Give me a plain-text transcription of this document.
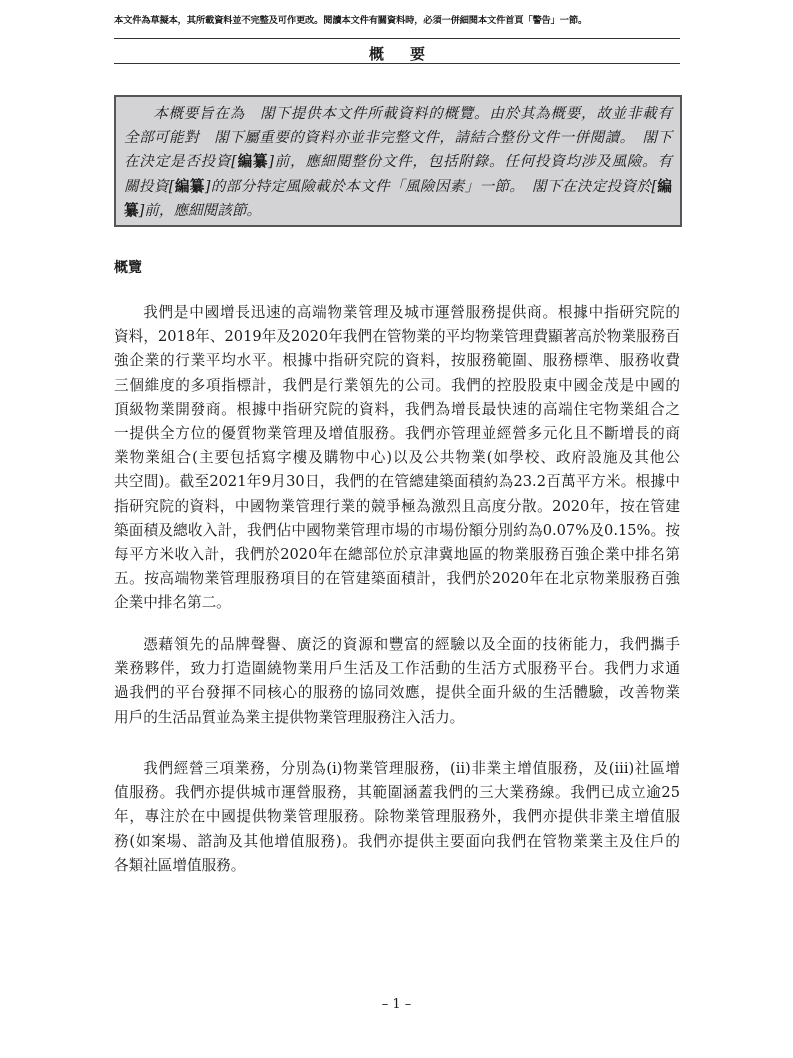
本文件為草擬本，其所載資料並不完整及可作更改。閱讀本文件有關資料時，必須一併細閱本文件首頁「警告」一節。
概 要
本概要旨在為　閣下提供本文件所載資料的概覽。由於其為概要，故並非載有
全部可能對　閣下屬重要的資料亦並非完整文件，請結合整份文件一併閱讀。　閣下
在決定是否投資[編纂]前，應細閱整份文件，包括附錄。任何投資均涉及風險。有
關投資[編纂]的部分特定風險載於本文件「風險因素」一節。　閣下在決定投資於[編
纂]前，應細閱該節。
概覽
我們是中國增長迅速的高端物業管理及城市運營服務提供商。根據中指研究院的
資料，2018年、2019年及2020年我們在管物業的平均物業管理費顯著高於物業服務百
強企業的行業平均水平。根據中指研究院的資料，按服務範圍、服務標準、服務收費
三個維度的多項指標計，我們是行業領先的公司。我們的控股股東中國金茂是中國的
頂級物業開發商。根據中指研究院的資料，我們為增長最快速的高端住宅物業組合之
一提供全方位的優質物業管理及增值服務。我們亦管理並經營多元化且不斷增長的商
業物業組合(主要包括寫字樓及購物中心)以及公共物業(如學校、政府設施及其他公
共空間)。截至2021年9月30日，我們的在管總建築面積約為23.2百萬平方米。根據中
指研究院的資料，中國物業管理行業的競爭極為激烈且高度分散。2020年，按在管建
築面積及總收入計，我們佔中國物業管理市場的市場份額分別約為0.07%及0.15%。按
每平方米收入計，我們於2020年在總部位於京津冀地區的物業服務百強企業中排名第
五。按高端物業管理服務項目的在管建築面積計，我們於2020年在北京物業服務百強
企業中排名第二。
憑藉領先的品牌聲譽、廣泛的資源和豐富的經驗以及全面的技術能力，我們攜手
業務夥伴，致力打造圍繞物業用戶生活及工作活動的生活方式服務平台。我們力求通
過我們的平台發揮不同核心的服務的協同效應，提供全面升級的生活體驗，改善物業
用戶的生活品質並為業主提供物業管理服務注入活力。
我們經營三項業務，分別為(i)物業管理服務，(ii)非業主增值服務，及(iii)社區增
值服務。我們亦提供城市運營服務，其範圍涵蓋我們的三大業務線。我們已成立逾25
年，專注於在中國提供物業管理服務。除物業管理服務外，我們亦提供非業主增值服
務(如案場、諮詢及其他增值服務)。我們亦提供主要面向我們在管物業業主及住戶的
各類社區增值服務。
– 1 –
